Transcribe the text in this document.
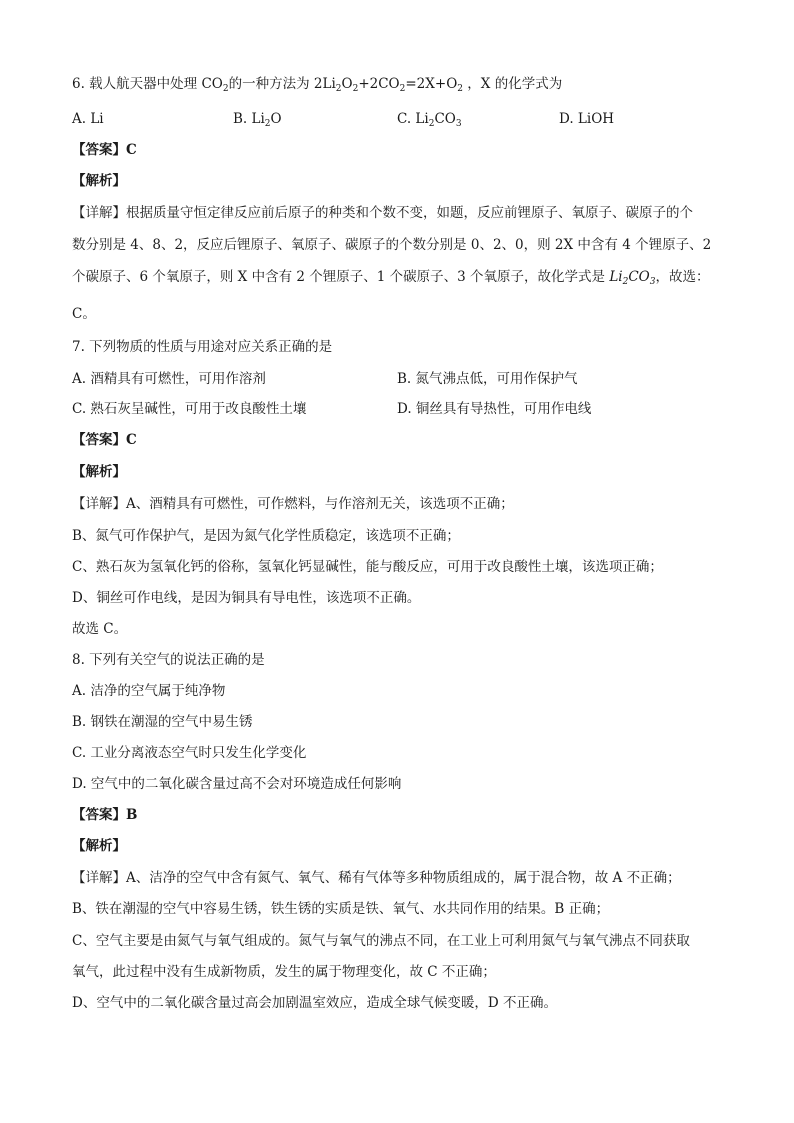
6. 载人航天器中处理 $CO_2$的一种方法为 $2Li_2O_2+2CO_2=2X+O_2$ ，X 的化学式为
A. Li	B. $Li_2O$	C. $Li_2CO_3$	D. LiOH
【答案】C
【解析】
【详解】根据质量守恒定律反应前后原子的种类和个数不变，如题，反应前锂原子、氧原子、碳原子的个
数分别是 4、8、2，反应后锂原子、氧原子、碳原子的个数分别是 0、2、0，则 2X 中含有 4 个锂原子、2
个碳原子、6 个氧原子，则 X 中含有 2 个锂原子、1 个碳原子、3 个氧原子，故化学式是 $Li_2CO_3$，故选：
C。
7. 下列物质的性质与用途对应关系正确的是
A. 酒精具有可燃性，可用作溶剂	B. 氮气沸点低，可用作保护气
C. 熟石灰呈碱性，可用于改良酸性土壤	D. 铜丝具有导热性，可用作电线
【答案】C
【解析】
【详解】A、酒精具有可燃性，可作燃料，与作溶剂无关，该选项不正确；
B、氮气可作保护气，是因为氮气化学性质稳定，该选项不正确；
C、熟石灰为氢氧化钙的俗称，氢氧化钙显碱性，能与酸反应，可用于改良酸性土壤，该选项正确；
D、铜丝可作电线，是因为铜具有导电性，该选项不正确。
故选 C。
8. 下列有关空气的说法正确的是
A. 洁净的空气属于纯净物
B. 钢铁在潮湿的空气中易生锈
C. 工业分离液态空气时只发生化学变化
D. 空气中的二氧化碳含量过高不会对环境造成任何影响
【答案】B
【解析】
【详解】A、洁净的空气中含有氮气、氧气、稀有气体等多种物质组成的，属于混合物，故 A 不正确；
B、铁在潮湿的空气中容易生锈，铁生锈的实质是铁、氧气、水共同作用的结果。B 正确；
C、空气主要是由氮气与氧气组成的。氮气与氧气的沸点不同，在工业上可利用氮气与氧气沸点不同获取
氧气，此过程中没有生成新物质，发生的属于物理变化，故 C 不正确；
D、空气中的二氧化碳含量过高会加剧温室效应，造成全球气候变暖，D 不正确。
